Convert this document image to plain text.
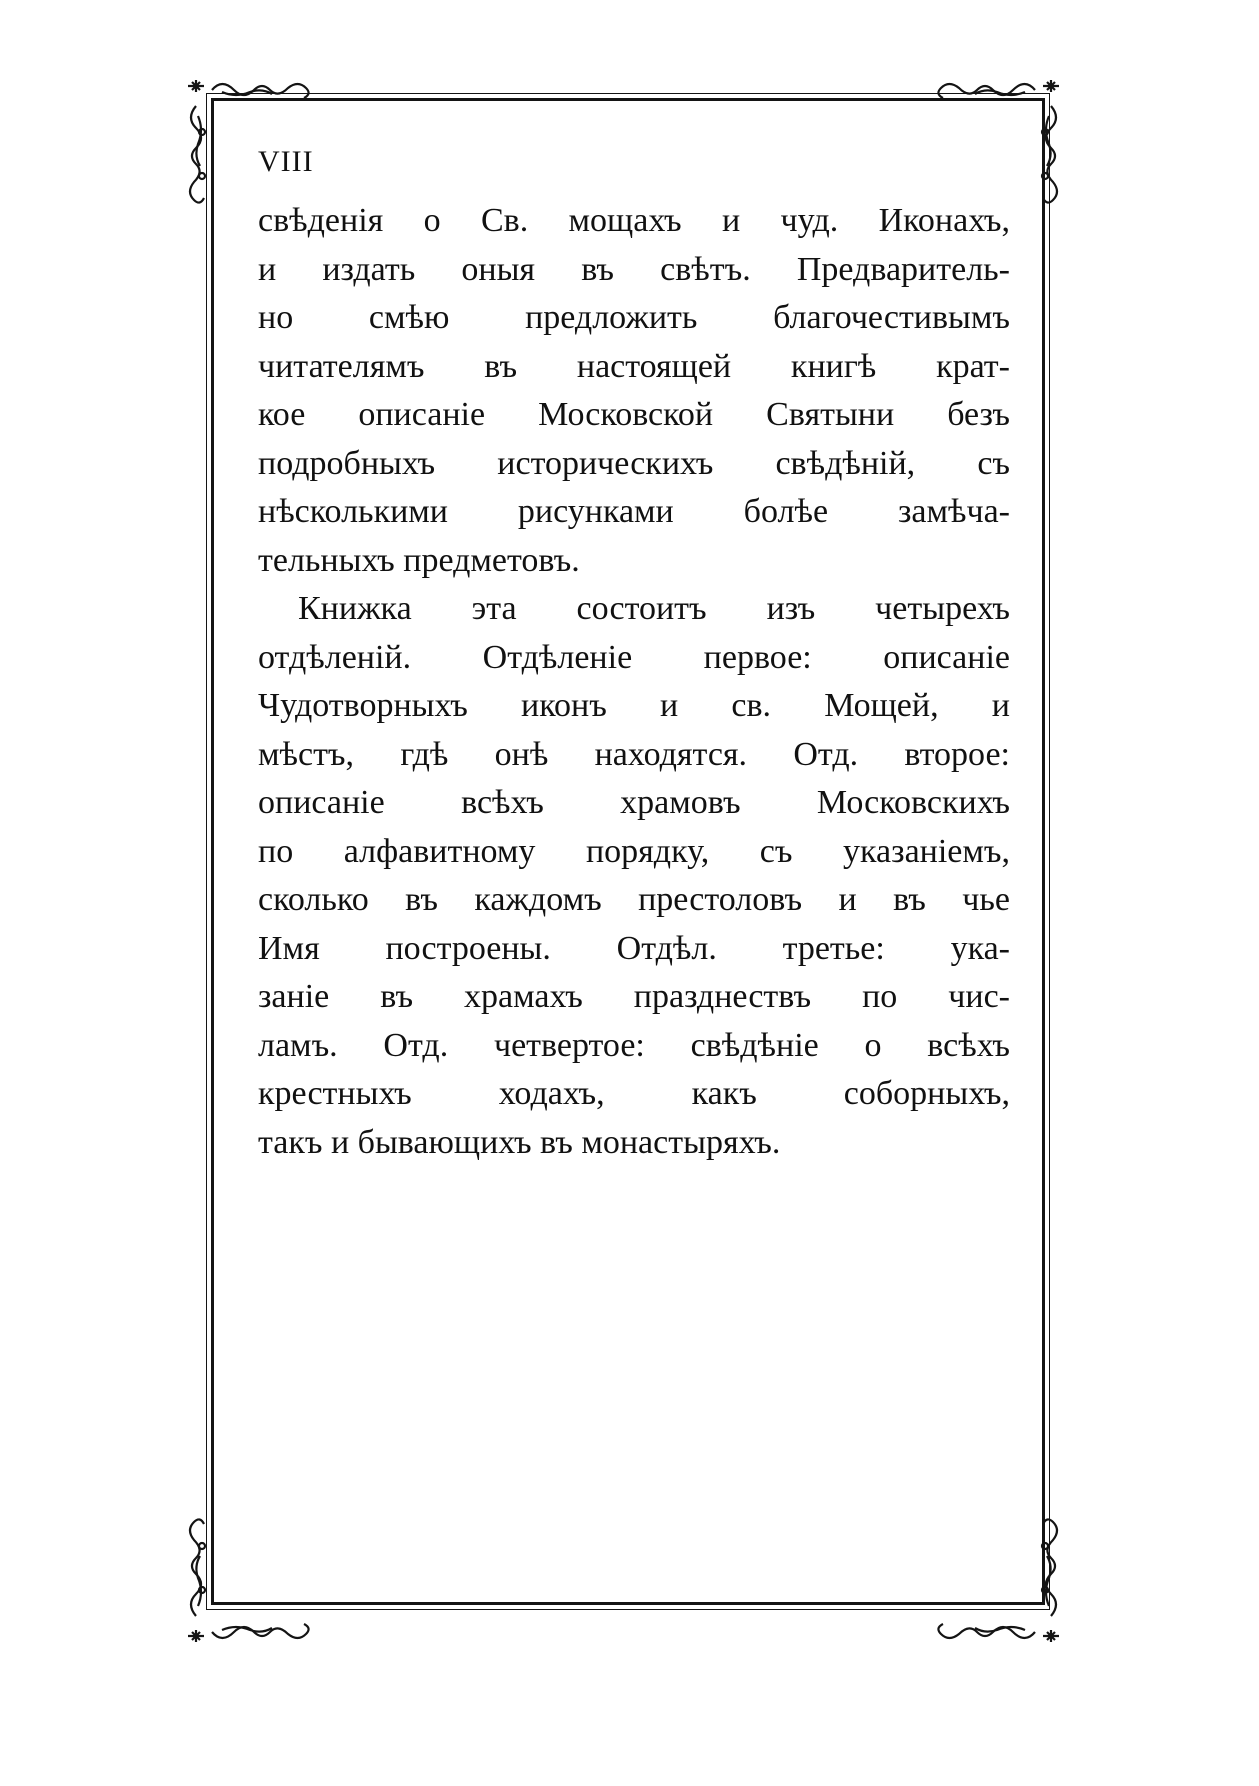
VIII
свѣденія о Св. мощахъ и чуд. Иконахъ,
и издать оныя въ свѣтъ. Предваритель-
но смѣю предложить благочестивымъ
читателямъ въ настоящей книгѣ крат-
кое описаніе Московской Святыни безъ
подробныхъ историческихъ свѣдѣній, съ
нѣсколькими рисунками болѣе замѣча-
тельныхъ предметовъ.
Книжка эта состоитъ изъ четырехъ
отдѣленій. Отдѣленіе первое: описаніе
Чудотворныхъ иконъ и св. Мощей, и
мѣстъ, гдѣ онѣ находятся. Отд. второе:
описаніе всѣхъ храмовъ Московскихъ
по алфавитному порядку, съ указаніемъ,
сколько въ каждомъ престоловъ и въ чье
Имя построены. Отдѣл. третье: ука-
заніе въ храмахъ празднествъ по чис-
ламъ. Отд. четвертое: свѣдѣніе о всѣхъ
крестныхъ ходахъ, какъ соборныхъ,
такъ и бывающихъ въ монастыряхъ.
